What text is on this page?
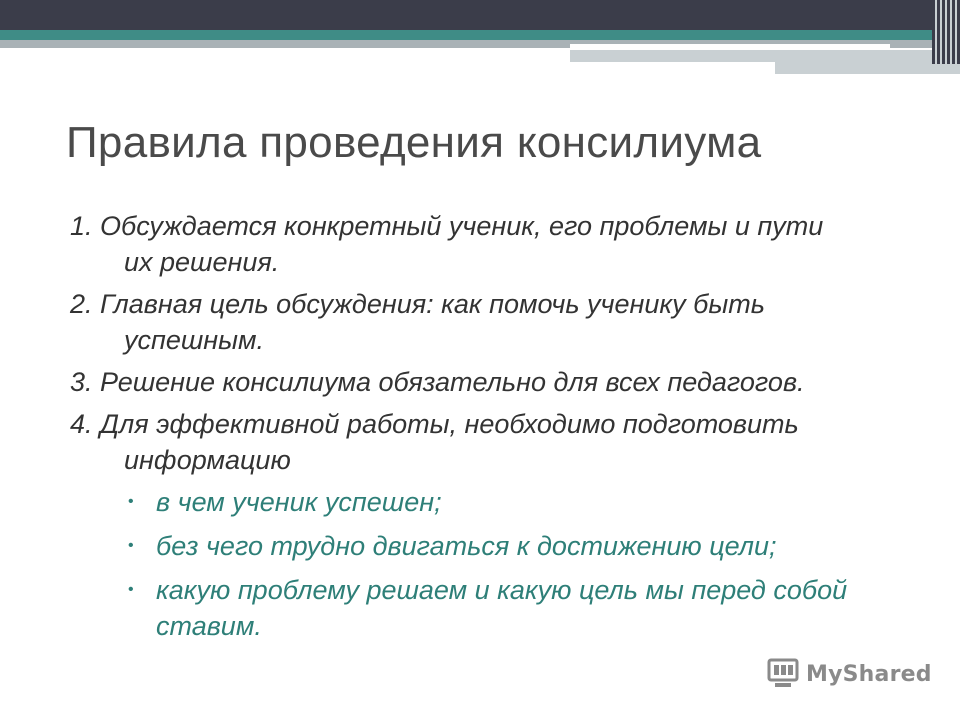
Правила проведения консилиума
1. Обсуждается конкретный ученик, его проблемы и пути
их решения.
2. Главная цель обсуждения: как помочь ученику быть
успешным.
3. Решение консилиума обязательно для всех педагогов.
4. Для эффективной работы, необходимо подготовить
информацию
• в чем ученик успешен;
• без чего трудно двигаться к достижению цели;
• какую проблему решаем и какую цель мы перед собой ставим.
MyShared
